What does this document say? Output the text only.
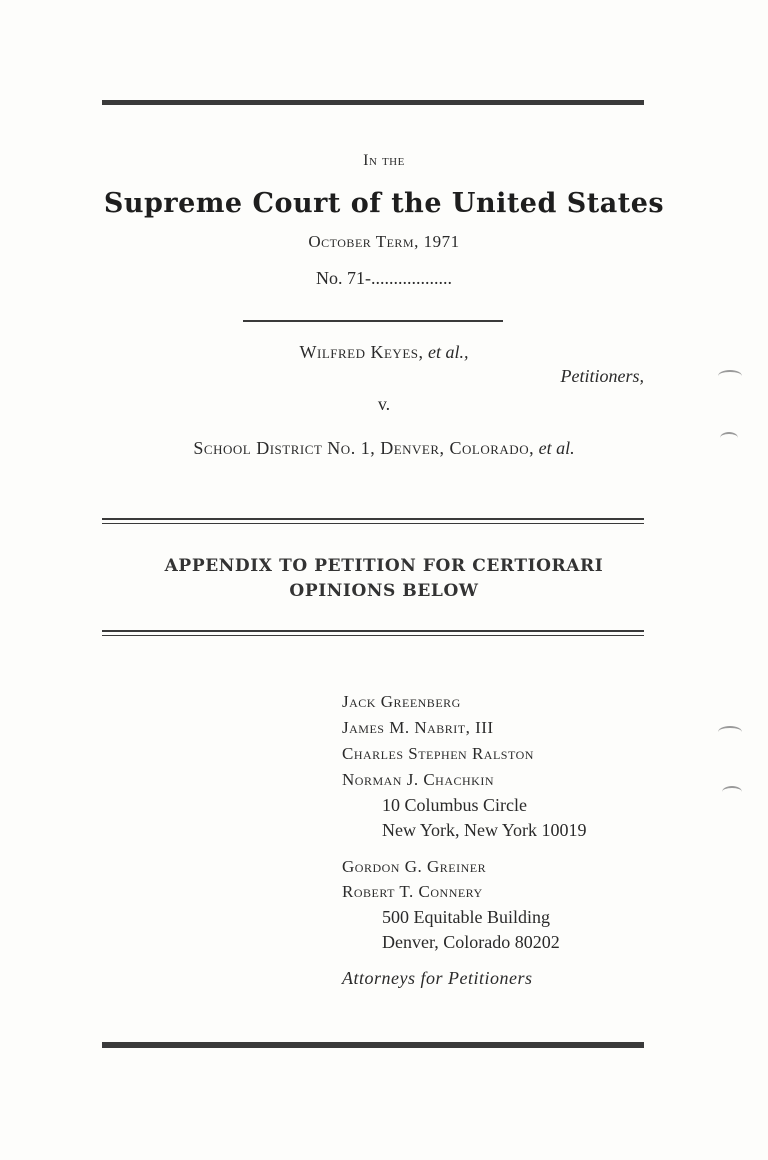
In the
Supreme Court of the United States
October Term, 1971
No. 71-..................
Wilfred Keyes, et al.,
Petitioners,
v.
School District No. 1, Denver, Colorado, et al.
APPENDIX TO PETITION FOR CERTIORARI
OPINIONS BELOW
Jack Greenberg
James M. Nabrit, III
Charles Stephen Ralston
Norman J. Chachkin
10 Columbus Circle
New York, New York 10019
Gordon G. Greiner
Robert T. Connery
500 Equitable Building
Denver, Colorado 80202
Attorneys for Petitioners
